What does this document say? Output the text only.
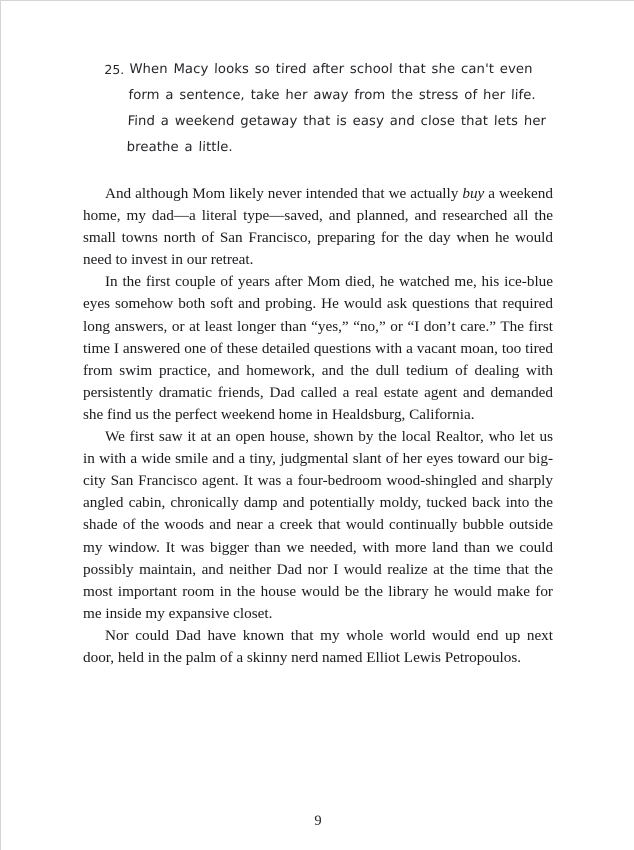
25. When Macy looks so tired after school that she can't even form a sentence, take her away from the stress of her life. Find a weekend getaway that is easy and close that lets her breathe a little.

And although Mom likely never intended that we actually buy a weekend home, my dad—a literal type—saved, and planned, and researched all the small towns north of San Francisco, preparing for the day when he would need to invest in our retreat.

In the first couple of years after Mom died, he watched me, his ice-blue eyes somehow both soft and probing. He would ask questions that required long answers, or at least longer than “yes,” “no,” or “I don’t care.” The first time I answered one of these detailed questions with a vacant moan, too tired from swim practice, and homework, and the dull tedium of dealing with persistently dramatic friends, Dad called a real estate agent and demanded she find us the perfect weekend home in Healdsburg, California.

We first saw it at an open house, shown by the local Realtor, who let us in with a wide smile and a tiny, judgmental slant of her eyes toward our big-city San Francisco agent. It was a four-bedroom wood-shingled and sharply angled cabin, chronically damp and potentially moldy, tucked back into the shade of the woods and near a creek that would continually bubble outside my window. It was bigger than we needed, with more land than we could possibly maintain, and neither Dad nor I would realize at the time that the most important room in the house would be the library he would make for me inside my expansive closet.

Nor could Dad have known that my whole world would end up next door, held in the palm of a skinny nerd named Elliot Lewis Petropoulos.

9
